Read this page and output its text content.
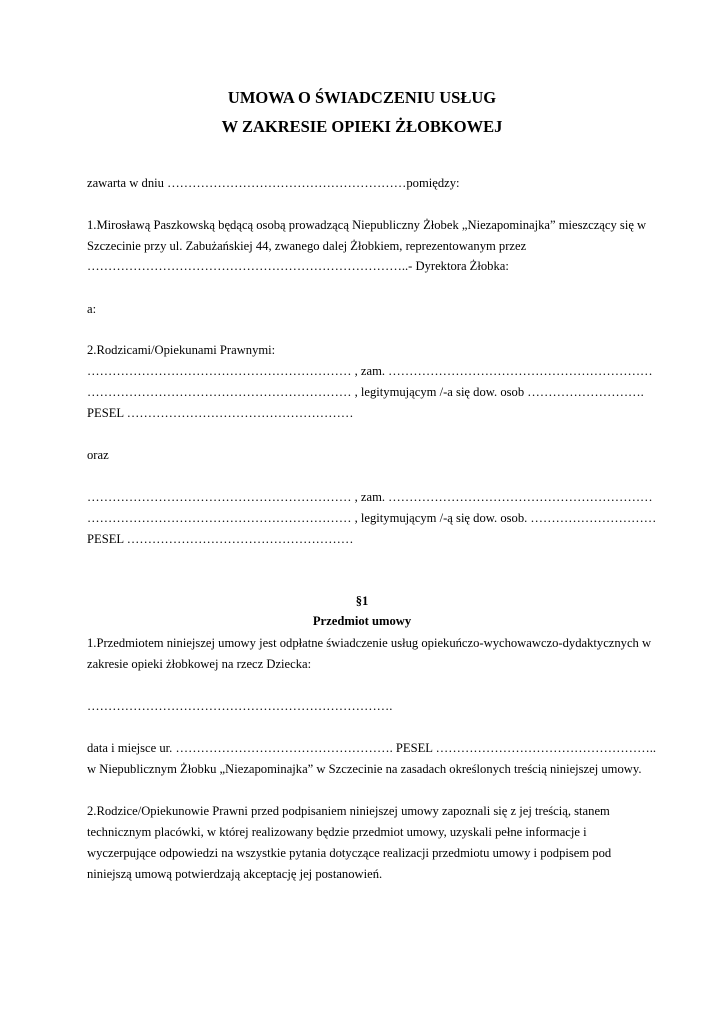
UMOWA O ŚWIADCZENIU USŁUG
W ZAKRESIE OPIEKI ŻŁOBKOWEJ
zawarta w dniu …………………………………………………pomiędzy:
1.Mirosławą Paszkowską będącą osobą prowadzącą Niepubliczny Żłobek „Niezapominajka” mieszczący się w
Szczecinie przy ul. Zabużańskiej 44, zwanego dalej Żłobkiem, reprezentowanym przez
…………………………………………………………………..- Dyrektora Żłobka:
a:
2.Rodzicami/Opiekunami Prawnymi:
……………………………………………………… , zam. ………………………………………………………
……………………………………………………… , legitymującym /-a się dow. osob ……………………….
PESEL ………………………………………………
oraz
……………………………………………………… , zam. ………………………………………………………
……………………………………………………… , legitymującym /-ą się dow. osob. …………………………
PESEL ………………………………………………
§1
Przedmiot umowy
1.Przedmiotem niniejszej umowy jest odpłatne świadczenie usług opiekuńczo-wychowawczo-dydaktycznych w
zakresie opieki żłobkowej na rzecz Dziecka:
……………………………………………………………….
data i miejsce ur. ……………………………………………. PESEL ……………………………………………..
w Niepublicznym Żłobku „Niezapominajka” w Szczecinie na zasadach określonych treścią niniejszej umowy.
2.Rodzice/Opiekunowie Prawni przed podpisaniem niniejszej umowy zapoznali się z jej treścią, stanem
technicznym placówki, w której realizowany będzie przedmiot umowy, uzyskali pełne informacje i
wyczerpujące odpowiedzi na wszystkie pytania dotyczące realizacji przedmiotu umowy i podpisem pod
niniejszą umową potwierdzają akceptację jej postanowień.
